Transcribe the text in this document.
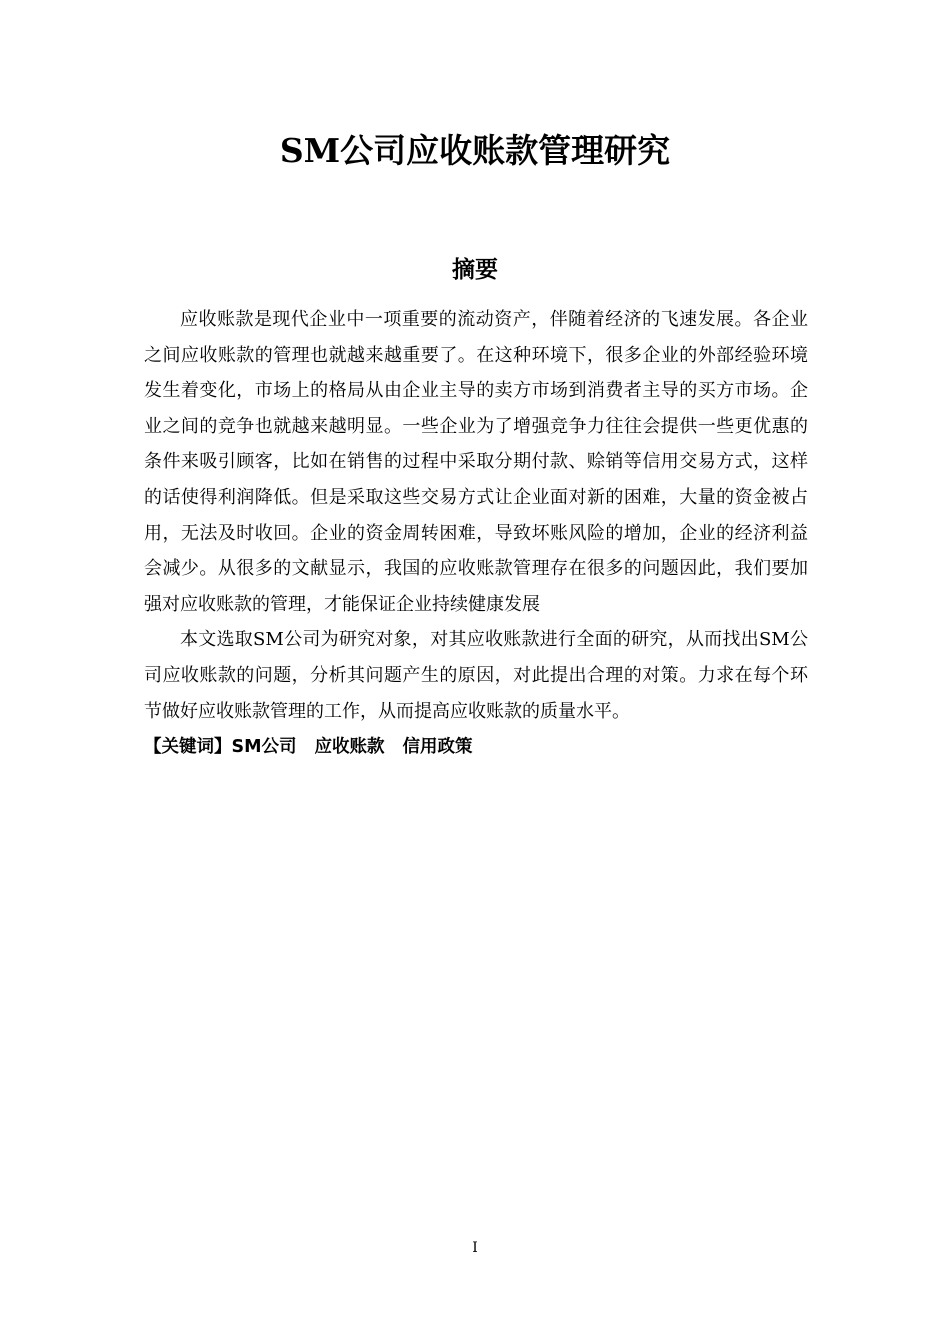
SM公司应收账款管理研究
摘要

应收账款是现代企业中一项重要的流动资产，伴随着经济的飞速发展。各企业之间应收账款的管理也就越来越重要了。在这种环境下，很多企业的外部经验环境发生着变化，市场上的格局从由企业主导的卖方市场到消费者主导的买方市场。企业之间的竞争也就越来越明显。一些企业为了增强竞争力往往会提供一些更优惠的条件来吸引顾客，比如在销售的过程中采取分期付款、赊销等信用交易方式，这样的话使得利润降低。但是采取这些交易方式让企业面对新的困难，大量的资金被占用，无法及时收回。企业的资金周转困难，导致坏账风险的增加，企业的经济利益会减少。从很多的文献显示，我国的应收账款管理存在很多的问题因此，我们要加强对应收账款的管理，才能保证企业持续健康发展

本文选取SM公司为研究对象，对其应收账款进行全面的研究，从而找出SM公司应收账款的问题，分析其问题产生的原因，对此提出合理的对策。力求在每个环节做好应收账款管理的工作，从而提高应收账款的质量水平。

【关键词】SM公司 应收账款 信用政策

I
